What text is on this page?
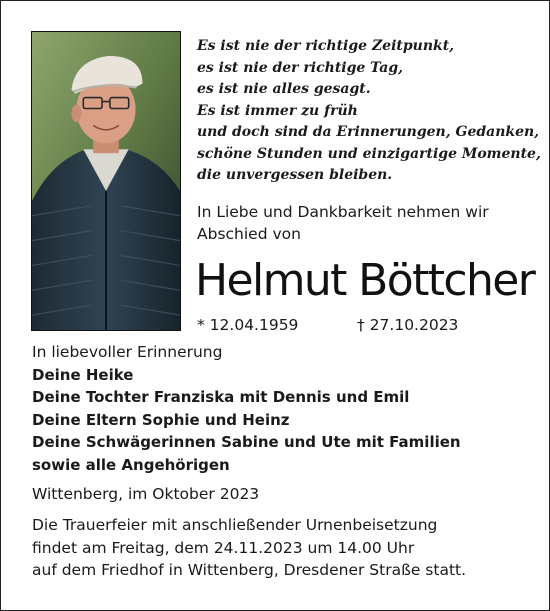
Es ist nie der richtige Zeitpunkt,
es ist nie der richtige Tag,
es ist nie alles gesagt.
Es ist immer zu früh
und doch sind da Erinnerungen, Gedanken,
schöne Stunden und einzigartige Momente,
die unvergessen bleiben.
In Liebe und Dankbarkeit nehmen wir
Abschied von
Helmut Böttcher
* 12.04.1959	† 27.10.2023
In liebevoller Erinnerung
Deine Heike
Deine Tochter Franziska mit Dennis und Emil
Deine Eltern Sophie und Heinz
Deine Schwägerinnen Sabine und Ute mit Familien
sowie alle Angehörigen
Wittenberg, im Oktober 2023
Die Trauerfeier mit anschließender Urnenbeisetzung
findet am Freitag, dem 24.11.2023 um 14.00 Uhr
auf dem Friedhof in Wittenberg, Dresdener Straße statt.
